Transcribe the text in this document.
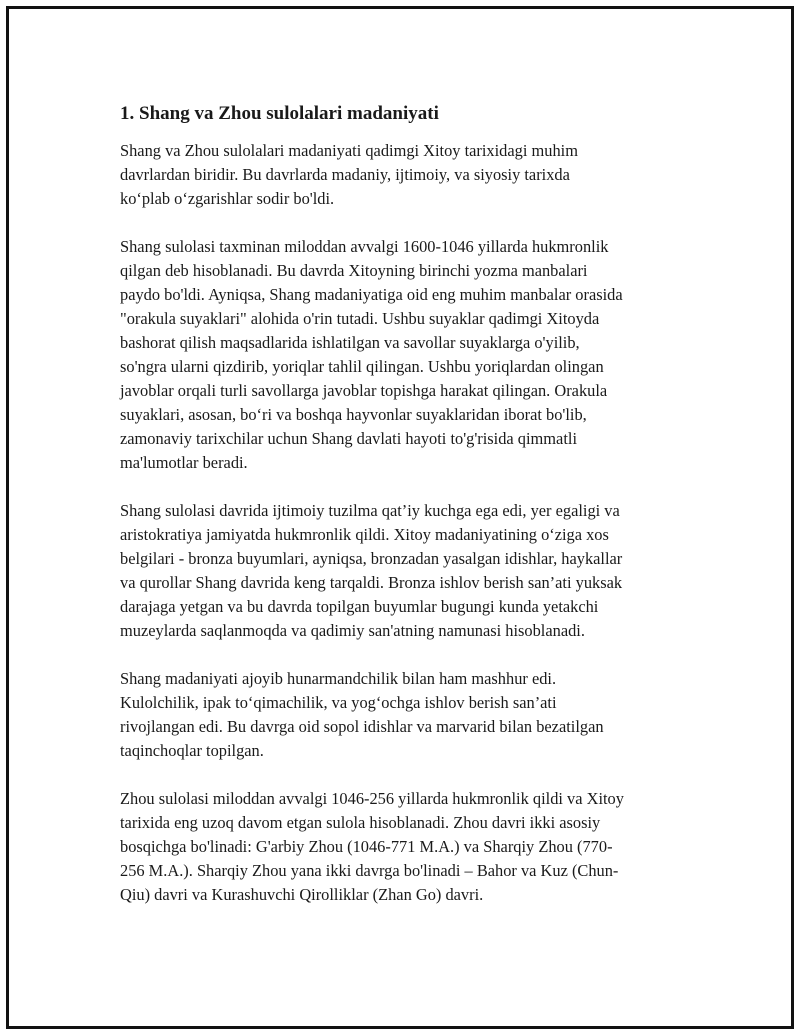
1. Shang va Zhou sulolalari madaniyati

Shang va Zhou sulolalari madaniyati qadimgi Xitoy tarixidagi muhim
davrlardan biridir. Bu davrlarda madaniy, ijtimoiy, va siyosiy tarixda
ko‘plab o‘zgarishlar sodir bo'ldi.

Shang sulolasi taxminan miloddan avvalgi 1600-1046 yillarda hukmronlik
qilgan deb hisoblanadi. Bu davrda Xitoyning birinchi yozma manbalari
paydo bo'ldi. Ayniqsa, Shang madaniyatiga oid eng muhim manbalar orasida
"orakula suyaklari" alohida o'rin tutadi. Ushbu suyaklar qadimgi Xitoyda
bashorat qilish maqsadlarida ishlatilgan va savollar suyaklarga o'yilib,
so'ngra ularni qizdirib, yoriqlar tahlil qilingan. Ushbu yoriqlardan olingan
javoblar orqali turli savollarga javoblar topishga harakat qilingan. Orakula
suyaklari, asosan, bo‘ri va boshqa hayvonlar suyaklaridan iborat bo'lib,
zamonaviy tarixchilar uchun Shang davlati hayoti to'g'risida qimmatli
ma'lumotlar beradi.

Shang sulolasi davrida ijtimoiy tuzilma qat’iy kuchga ega edi, yer egaligi va
aristokratiya jamiyatda hukmronlik qildi. Xitoy madaniyatining o‘ziga xos
belgilari - bronza buyumlari, ayniqsa, bronzadan yasalgan idishlar, haykallar
va qurollar Shang davrida keng tarqaldi. Bronza ishlov berish san’ati yuksak
darajaga yetgan va bu davrda topilgan buyumlar bugungi kunda yetakchi
muzeylarda saqlanmoqda va qadimiy san'atning namunasi hisoblanadi.

Shang madaniyati ajoyib hunarmandchilik bilan ham mashhur edi.
Kulolchilik, ipak to‘qimachilik, va yog‘ochga ishlov berish san’ati
rivojlangan edi. Bu davrga oid sopol idishlar va marvarid bilan bezatilgan
taqinchoqlar topilgan.

Zhou sulolasi miloddan avvalgi 1046-256 yillarda hukmronlik qildi va Xitoy
tarixida eng uzoq davom etgan sulola hisoblanadi. Zhou davri ikki asosiy
bosqichga bo'linadi: G'arbiy Zhou (1046-771 M.A.) va Sharqiy Zhou (770-
256 M.A.). Sharqiy Zhou yana ikki davrga bo'linadi – Bahor va Kuz (Chun-
Qiu) davri va Kurashuvchi Qirolliklar (Zhan Go) davri.
